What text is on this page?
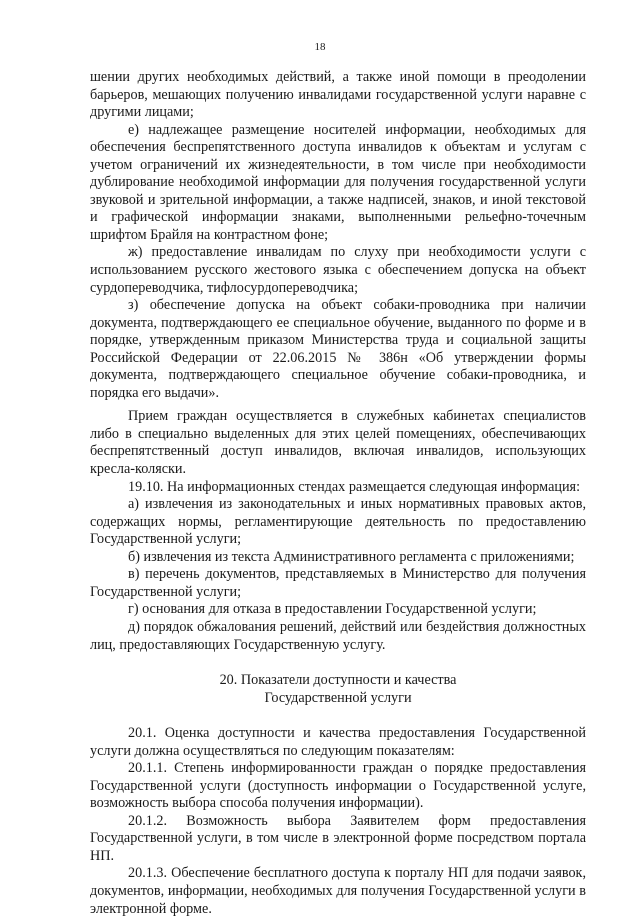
18

шении других необходимых действий, а также иной помощи в преодолении барьеров, мешающих получению инвалидами государственной услуги наравне с другими лицами;

е) надлежащее размещение носителей информации, необходимых для обеспечения беспрепятственного доступа инвалидов к объектам и услугам с учетом ограничений их жизнедеятельности, в том числе при необходимости дублирование необходимой информации для получения государственной услуги звуковой и зрительной информации, а также надписей, знаков, и иной текстовой и графической информации знаками, выполненными рельефно-точечным шрифтом Брайля на контрастном фоне;

ж) предоставление инвалидам по слуху при необходимости услуги с использованием русского жестового языка с обеспечением допуска на объект сурдопереводчика, тифлосурдопереводчика;

з) обеспечение допуска на объект собаки-проводника при наличии документа, подтверждающего ее специальное обучение, выданного по форме и в порядке, утвержденным приказом Министерства труда и социальной защиты Российской Федерации от 22.06.2015 № 386н «Об утверждении формы документа, подтверждающего специальное обучение собаки-проводника, и порядка его выдачи».

Прием граждан осуществляется в служебных кабинетах специалистов либо в специально выделенных для этих целей помещениях, обеспечивающих беспрепятственный доступ инвалидов, включая инвалидов, использующих кресла-коляски.

19.10. На информационных стендах размещается следующая информация:

а) извлечения из законодательных и иных нормативных правовых актов, содержащих нормы, регламентирующие деятельность по предоставлению Государственной услуги;

б) извлечения из текста Административного регламента с приложениями;

в) перечень документов, представляемых в Министерство для получения Государственной услуги;

г) основания для отказа в предоставлении Государственной услуги;

д) порядок обжалования решений, действий или бездействия должностных лиц, предоставляющих Государственную услугу.

20. Показатели доступности и качества
Государственной услуги

20.1. Оценка доступности и качества предоставления Государственной услуги должна осуществляться по следующим показателям:

20.1.1. Степень информированности граждан о порядке предоставления Государственной услуги (доступность информации о Государственной услуге, возможность выбора способа получения информации).

20.1.2. Возможность выбора Заявителем форм предоставления Государственной услуги, в том числе в электронной форме посредством портала НП.

20.1.3. Обеспечение бесплатного доступа к порталу НП для подачи заявок, документов, информации, необходимых для получения Государственной услуги в электронной форме.
